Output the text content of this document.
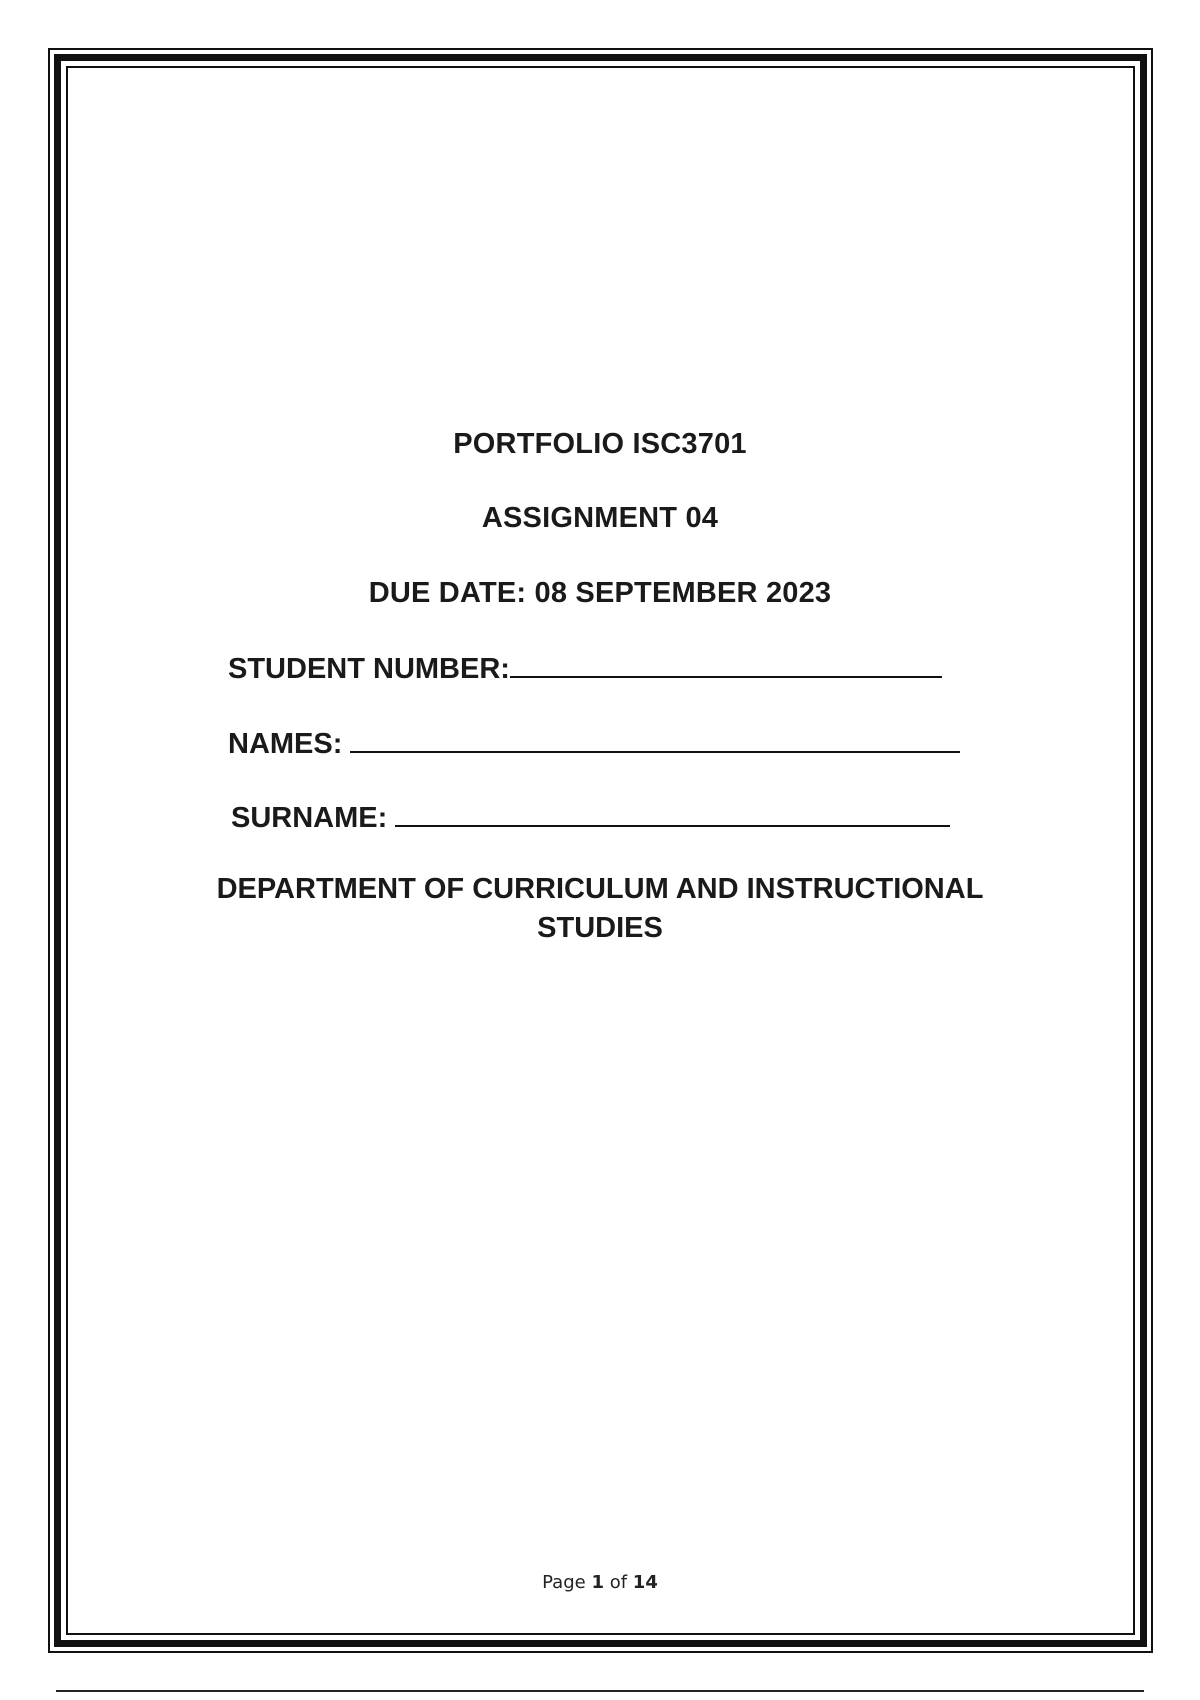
PORTFOLIO ISC3701
ASSIGNMENT 04
DUE DATE: 08 SEPTEMBER 2023
STUDENT NUMBER:
NAMES:
SURNAME:
DEPARTMENT OF CURRICULUM AND INSTRUCTIONAL
STUDIES
Page 1 of 14
